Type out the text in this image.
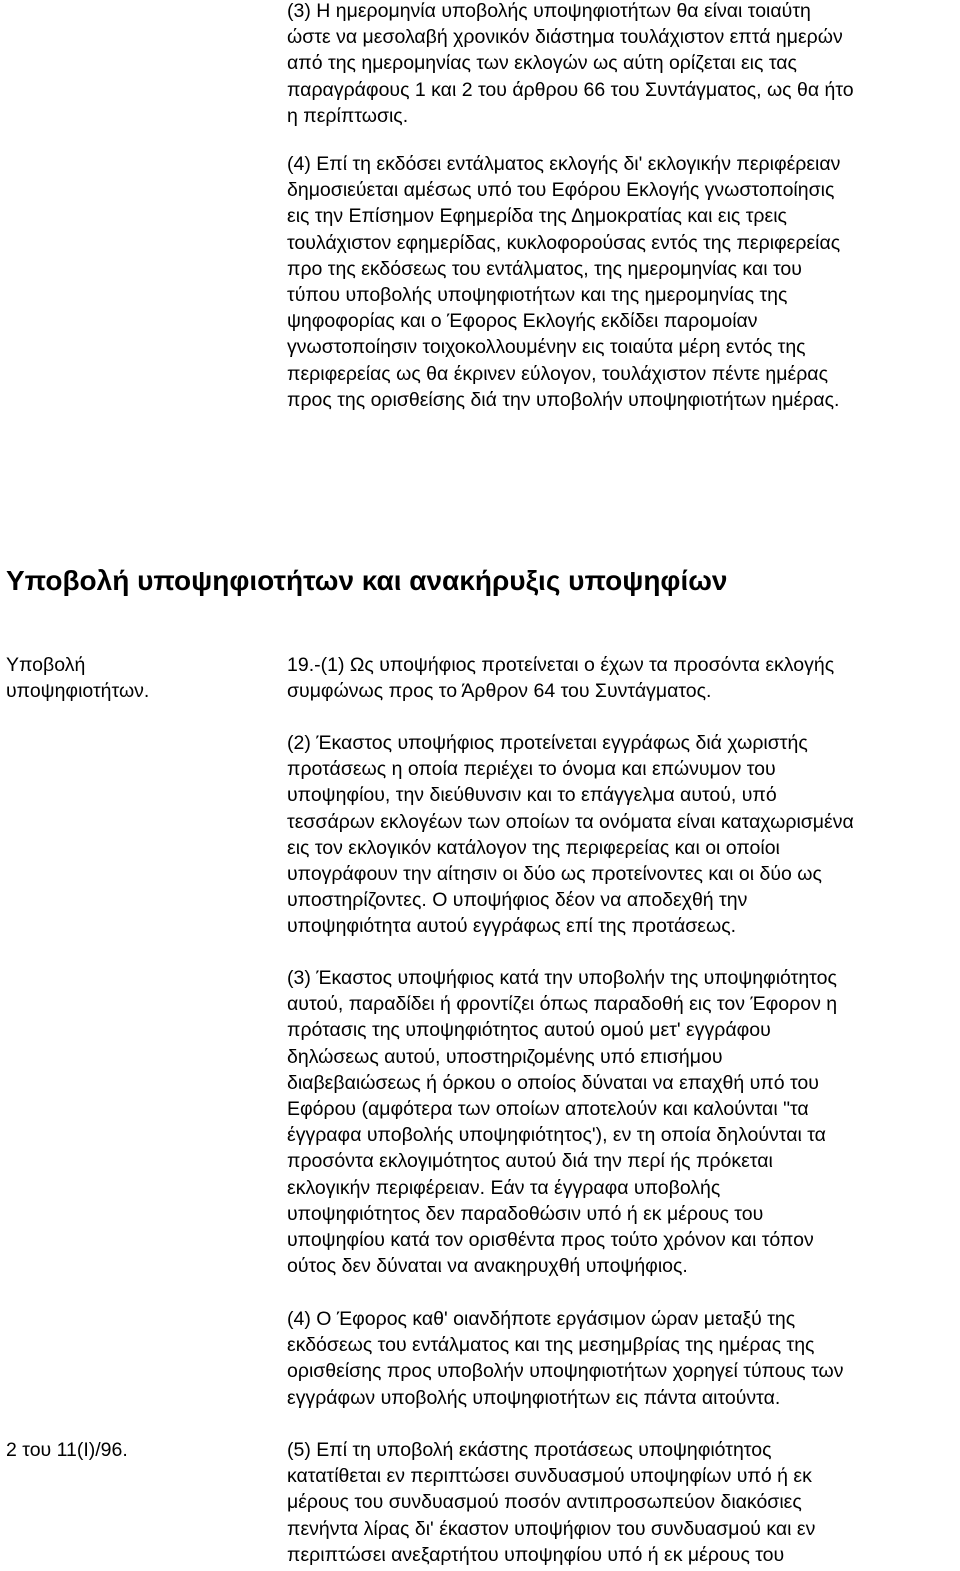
(3) Η ημερομηνία υποβολής υποψηφιοτήτων θα είναι τοιαύτη
ώστε να μεσολαβή χρονικόν διάστημα τουλάχιστον επτά ημερών
από της ημερομηνίας των εκλογών ως αύτη ορίζεται εις τας
παραγράφους 1 και 2 του άρθρου 66 του Συντάγματος, ως θα ήτο
η περίπτωσις.

(4) Επί τη εκδόσει εντάλματος εκλογής δι' εκλογικήν περιφέρειαν
δημοσιεύεται αμέσως υπό του Εφόρου Εκλογής γνωστοποίησις
εις την Επίσημον Εφημερίδα της Δημοκρατίας και εις τρεις
τουλάχιστον εφημερίδας, κυκλοφορούσας εντός της περιφερείας
προ της εκδόσεως του εντάλματος, της ημερομηνίας και του
τύπου υποβολής υποψηφιοτήτων και της ημερομηνίας της
ψηφοφορίας και ο Έφορος Εκλογής εκδίδει παρομοίαν
γνωστοποίησιν τοιχοκολλουμένην εις τοιαύτα μέρη εντός της
περιφερείας ως θα έκρινεν εύλογον, τουλάχιστον πέντε ημέρας
προς της ορισθείσης διά την υποβολήν υποψηφιοτήτων ημέρας.

Υποβολή υποψηφιοτήτων και ανακήρυξις υποψηφίων

Υποβολή
υποψηφιοτήτων.

19.-(1) Ως υποψήφιος προτείνεται ο έχων τα προσόντα εκλογής
συμφώνως προς το Άρθρον 64 του Συντάγματος.

(2) Έκαστος υποψήφιος προτείνεται εγγράφως διά χωριστής
προτάσεως η οποία περιέχει το όνομα και επώνυμον του
υποψηφίου, την διεύθυνσιν και το επάγγελμα αυτού, υπό
τεσσάρων εκλογέων των οποίων τα ονόματα είναι καταχωρισμένα
εις τον εκλογικόν κατάλογον της περιφερείας και οι οποίοι
υπογράφουν την αίτησιν οι δύο ως προτείνοντες και οι δύο ως
υποστηρίζοντες. Ο υποψήφιος δέον να αποδεχθή την
υποψηφιότητα αυτού εγγράφως επί της προτάσεως.

(3) Έκαστος υποψήφιος κατά την υποβολήν της υποψηφιότητος
αυτού, παραδίδει ή φροντίζει όπως παραδοθή εις τον Έφορον η
πρότασις της υποψηφιότητος αυτού ομού μετ' εγγράφου
δηλώσεως αυτού, υποστηριζομένης υπό επισήμου
διαβεβαιώσεως ή όρκου ο οποίος δύναται να επαχθή υπό του
Εφόρου (αμφότερα των οποίων αποτελούν και καλούνται "τα
έγγραφα υποβολής υποψηφιότητος'), εν τη οποία δηλούνται τα
προσόντα εκλογιμότητος αυτού διά την περί ής πρόκεται
εκλογικήν περιφέρειαν. Εάν τα έγγραφα υποβολής
υποψηφιότητος δεν παραδοθώσιν υπό ή εκ μέρους του
υποψηφίου κατά τον ορισθέντα προς τούτο χρόνον και τόπον
ούτος δεν δύναται να ανακηρυχθή υποψήφιος.

(4) Ο Έφορος καθ' οιανδήποτε εργάσιμον ώραν μεταξύ της
εκδόσεως του εντάλματος και της μεσημβρίας της ημέρας της
ορισθείσης προς υποβολήν υποψηφιοτήτων χορηγεί τύπους των
εγγράφων υποβολής υποψηφιοτήτων εις πάντα αιτούντα.

2 του 11(I)/96.	(5) Επί τη υποβολή εκάστης προτάσεως υποψηφιότητος
κατατίθεται εν περιπτώσει συνδυασμού υποψηφίων υπό ή εκ
μέρους του συνδυασμού ποσόν αντιπροσωπεύον διακόσιες
πενήντα λίρας δι' έκαστον υποψήφιον του συνδυασμού και εν
περιπτώσει ανεξαρτήτου υποψηφίου υπό ή εκ μέρους του
